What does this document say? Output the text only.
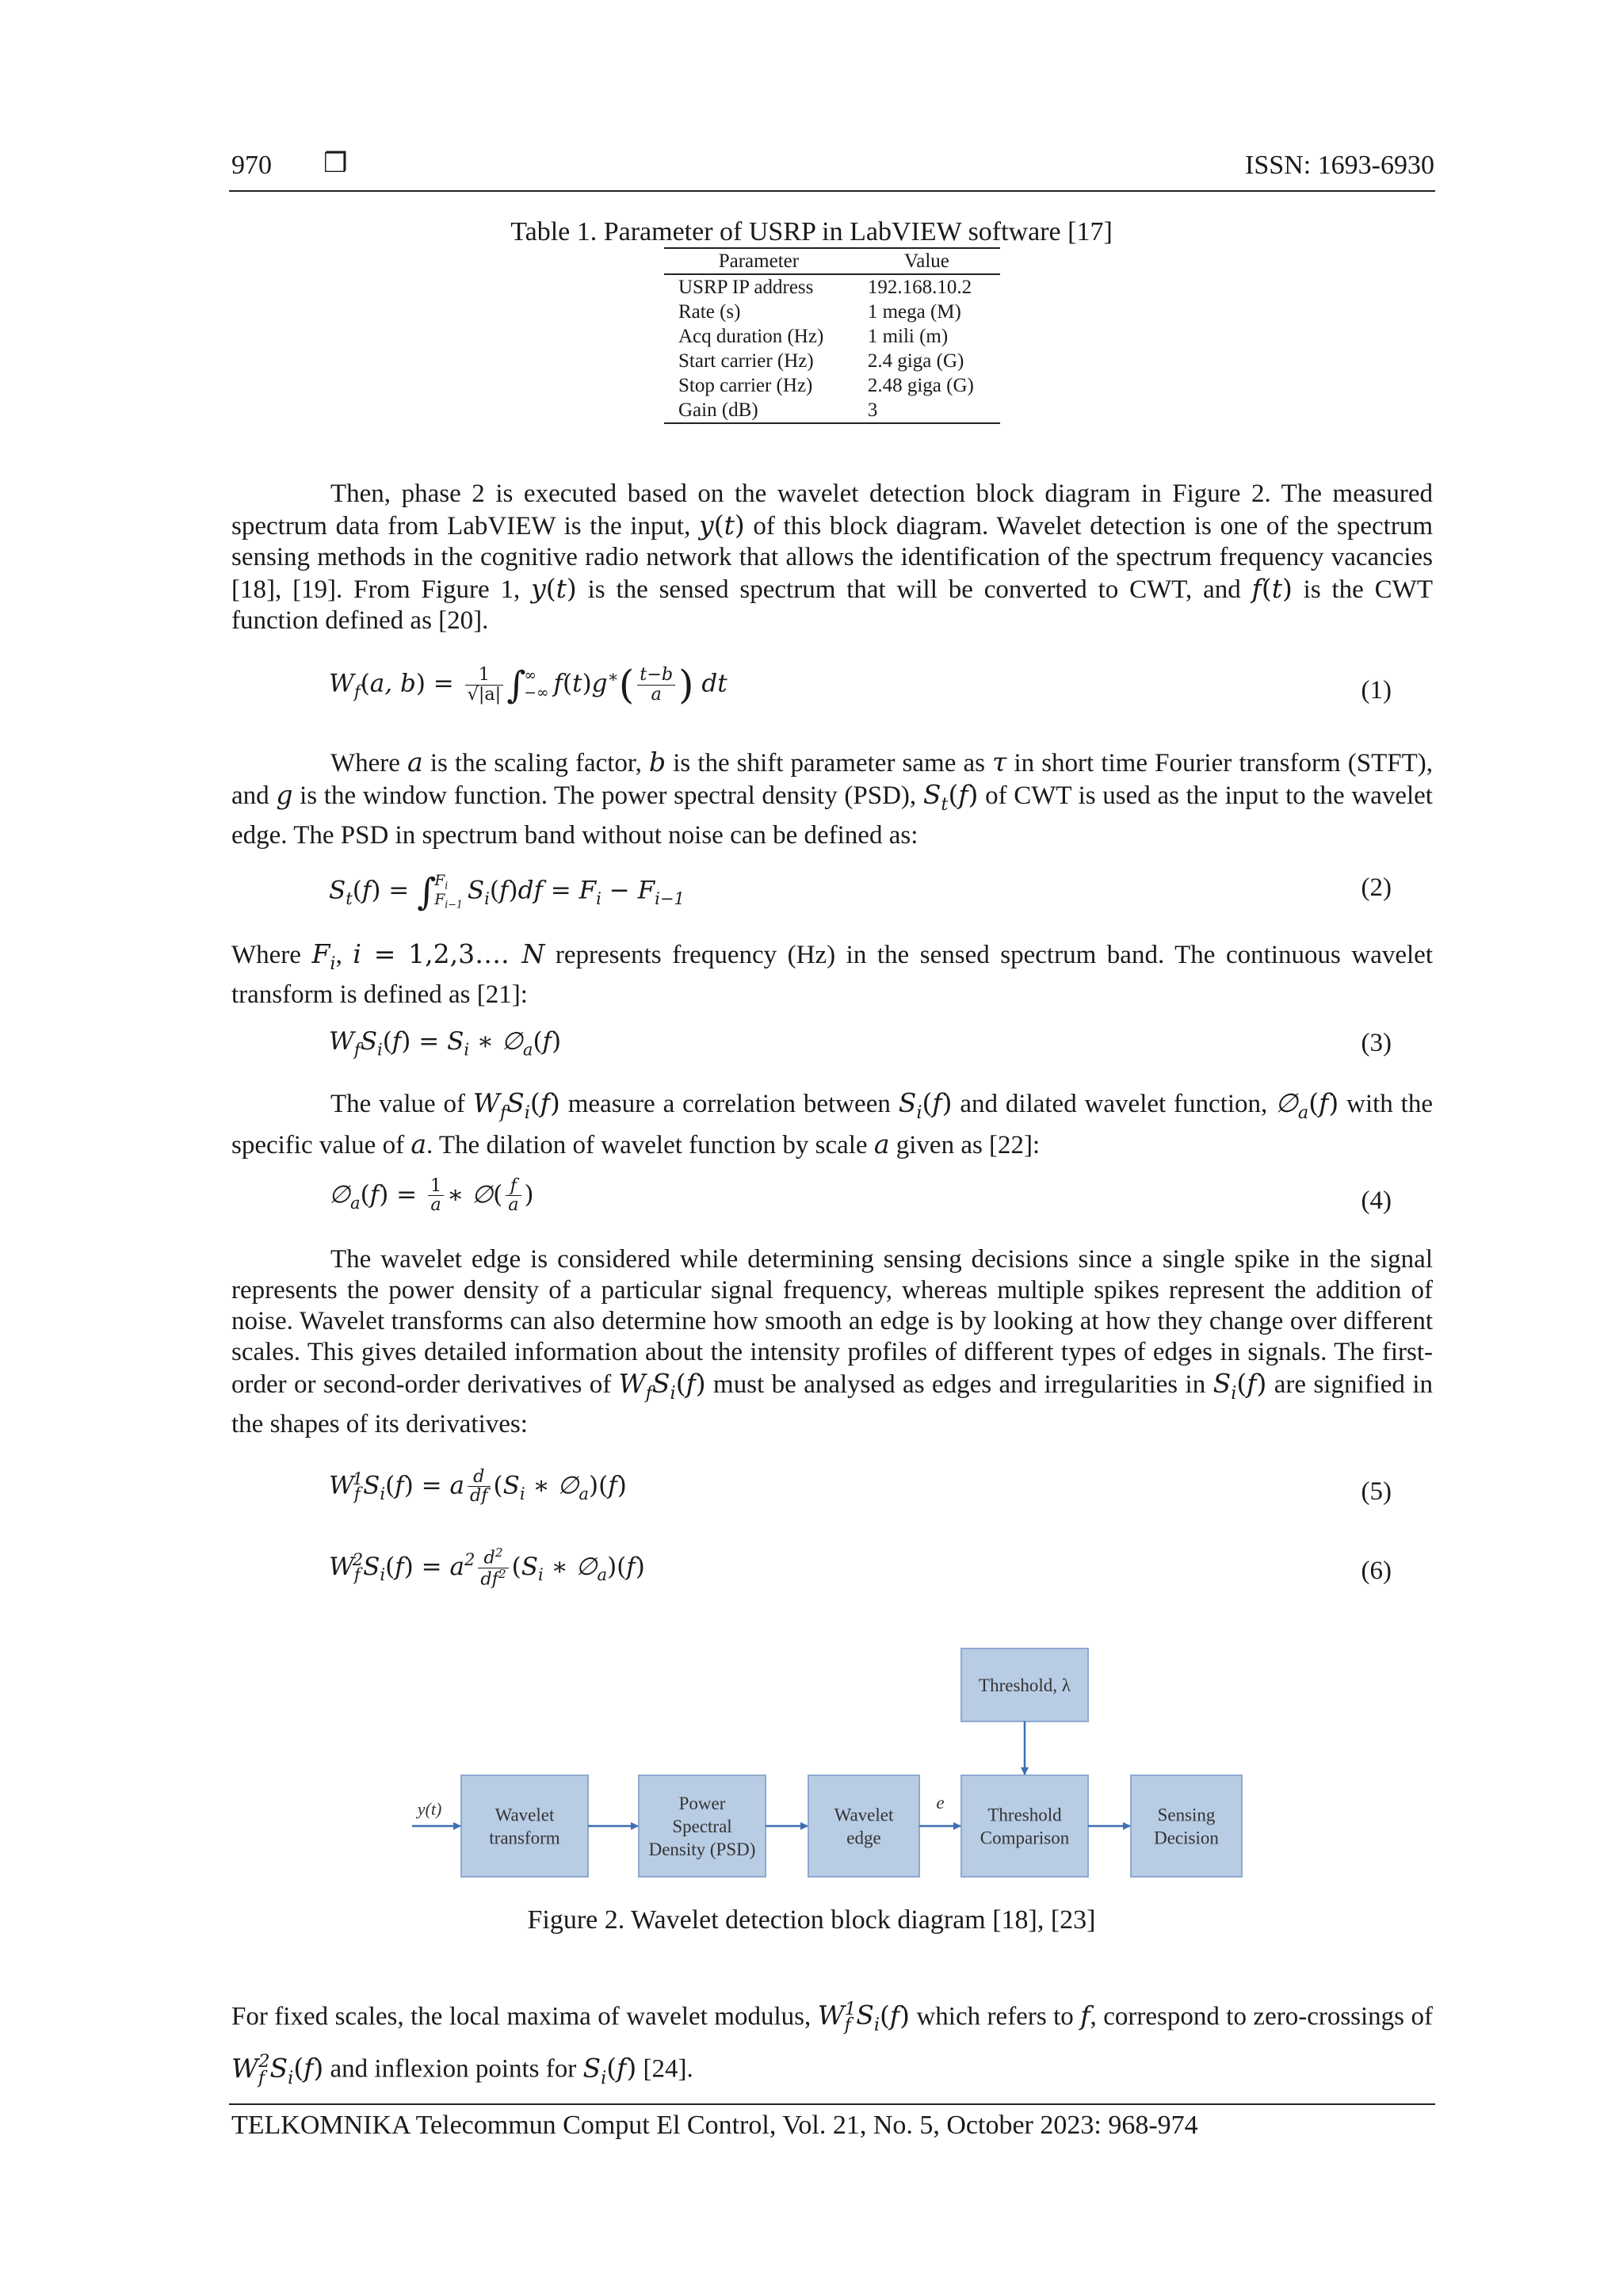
970 ❒	ISSN: 1693-6930
Table 1. Parameter of USRP in LabVIEW software [17]
Parameter	Value
USRP IP address	192.168.10.2
Rate (s)	1 mega (M)
Acq duration (Hz)	1 mili (m)
Start carrier (Hz)	2.4 giga (G)
Stop carrier (Hz)	2.48 giga (G)
Gain (dB)	3
Then, phase 2 is executed based on the wavelet detection block diagram in Figure 2. The measured spectrum data from LabVIEW is the input, y(t) of this block diagram. Wavelet detection is one of the spectrum sensing methods in the cognitive radio network that allows the identification of the spectrum frequency vacancies [18], [19]. From Figure 1, y(t) is the sensed spectrum that will be converted to CWT, and f(t) is the CWT function defined as [20].
$W_f(a$, $b) = \frac{1}{√|a|}$ ∫
∞
−∞ $f(t)g^∗( \frac{t-b}{a}$ ) dt	(1)
Where a is the scaling factor, b is the shift parameter same as τ in short time Fourier transform (STFT), and g is the window function. The power spectral density (PSD), $S_t(f)$ of CWT is used as the input to the wavelet edge. The PSD in spectrum band without noise can be defined as:
$S_t(f)$ = ∫
$F_i$
$F_{i-1}$ $S_i(f)df = F_i - F_{i-1}$	(2)
Where $F_i$, i = 1,2,3…. N represents frequency (Hz) in the sensed spectrum band. The continuous wavelet transform is defined as [21]:
$W_fS_i(f) = S_i$ ∗ $\emptyset_a(f)$	(3)
The value of $W_fS_i(f)$ measure a correlation between $S_i(f)$ and dilated wavelet function, $\emptyset_a(f)$ with the specific value of a. The dilation of wavelet function by scale a given as [22]:
$\emptyset_a(f) = \frac{1}{a}$ ∗ ∅( $\frac{f}{a}$ )	(4)
The wavelet edge is considered while determining sensing decisions since a single spike in the signal represents the power density of a particular signal frequency, whereas multiple spikes represent the addition of noise. Wavelet transforms can also determine how smooth an edge is by looking at how they change over different scales. This gives detailed information about the intensity profiles of different types of edges in signals. The first-order or second-order derivatives of $W_fS_i(f)$ must be analysed as edges and irregularities in $S_i(f)$ are signified in the shapes of its derivatives:
$W_f^1S_i(f) = a \frac{d}{df} (S_i$ ∗ $\emptyset_a)(f)$	(5)
$W_f^2S_i(f) = a^2 \frac{d^2}{df^2} (S_i$ ∗ $\emptyset_a)(f)$	(6)
Threshold, λ
y(t)	Wavelet
transform
Power
Spectral
Density (PSD)
Wavelet
edge
Threshold
Comparison
Sensing
Decision
e
Figure 2. Wavelet detection block diagram [18], [23]
For fixed scales, the local maxima of wavelet modulus, $W_f^1S_i(f)$ which refers to f, correspond to zero-crossings of $W_f^2S_i(f)$ and inflexion points for $S_i(f)$ [24].
TELKOMNIKA Telecommun Comput El Control, Vol. 21, No. 5, October 2023: 968-974
